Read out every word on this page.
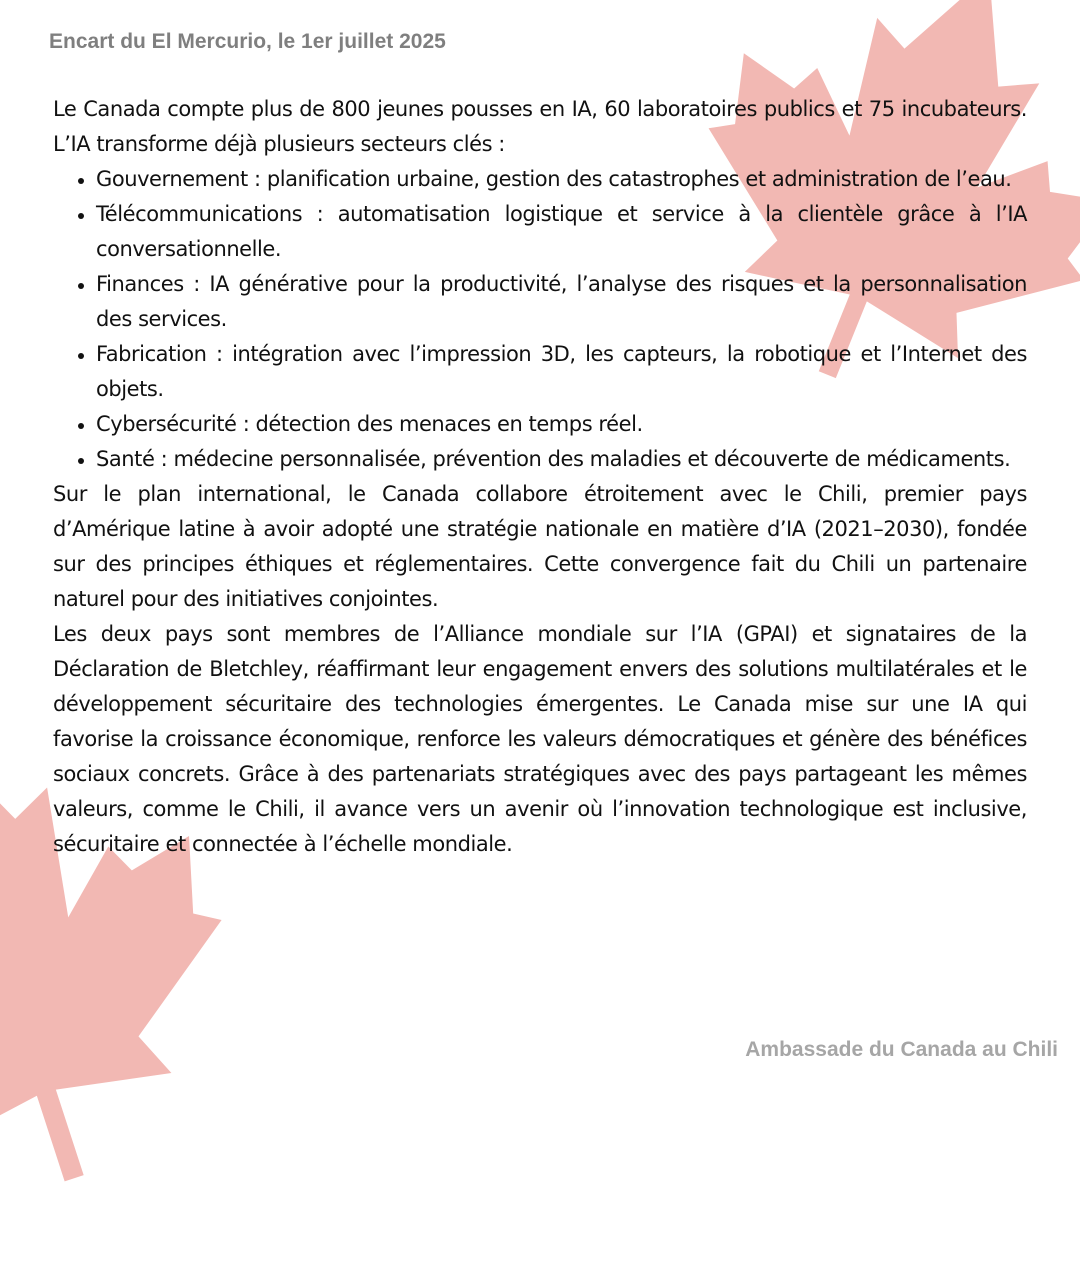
Encart du El Mercurio, le 1er juillet 2025

Le Canada compte plus de 800 jeunes pousses en IA, 60 laboratoires publics et 75 incubateurs. L’IA transforme déjà plusieurs secteurs clés :

• Gouvernement : planification urbaine, gestion des catastrophes et administration de l’eau.
• Télécommunications : automatisation logistique et service à la clientèle grâce à l’IA conversationnelle.
• Finances : IA générative pour la productivité, l’analyse des risques et la personnalisation des services.
• Fabrication : intégration avec l’impression 3D, les capteurs, la robotique et l’Internet des objets.
• Cybersécurité : détection des menaces en temps réel.
• Santé : médecine personnalisée, prévention des maladies et découverte de médicaments.

Sur le plan international, le Canada collabore étroitement avec le Chili, premier pays d’Amérique latine à avoir adopté une stratégie nationale en matière d’IA (2021–2030), fondée sur des principes éthiques et réglementaires. Cette convergence fait du Chili un partenaire naturel pour des initiatives conjointes.

Les deux pays sont membres de l’Alliance mondiale sur l’IA (GPAI) et signataires de la Déclaration de Bletchley, réaffirmant leur engagement envers des solutions multilatérales et le développement sécuritaire des technologies émergentes. Le Canada mise sur une IA qui favorise la croissance économique, renforce les valeurs démocratiques et génère des bénéfices sociaux concrets. Grâce à des partenariats stratégiques avec des pays partageant les mêmes valeurs, comme le Chili, il avance vers un avenir où l’innovation technologique est inclusive, sécuritaire et connectée à l’échelle mondiale.

Ambassade du Canada au Chili
